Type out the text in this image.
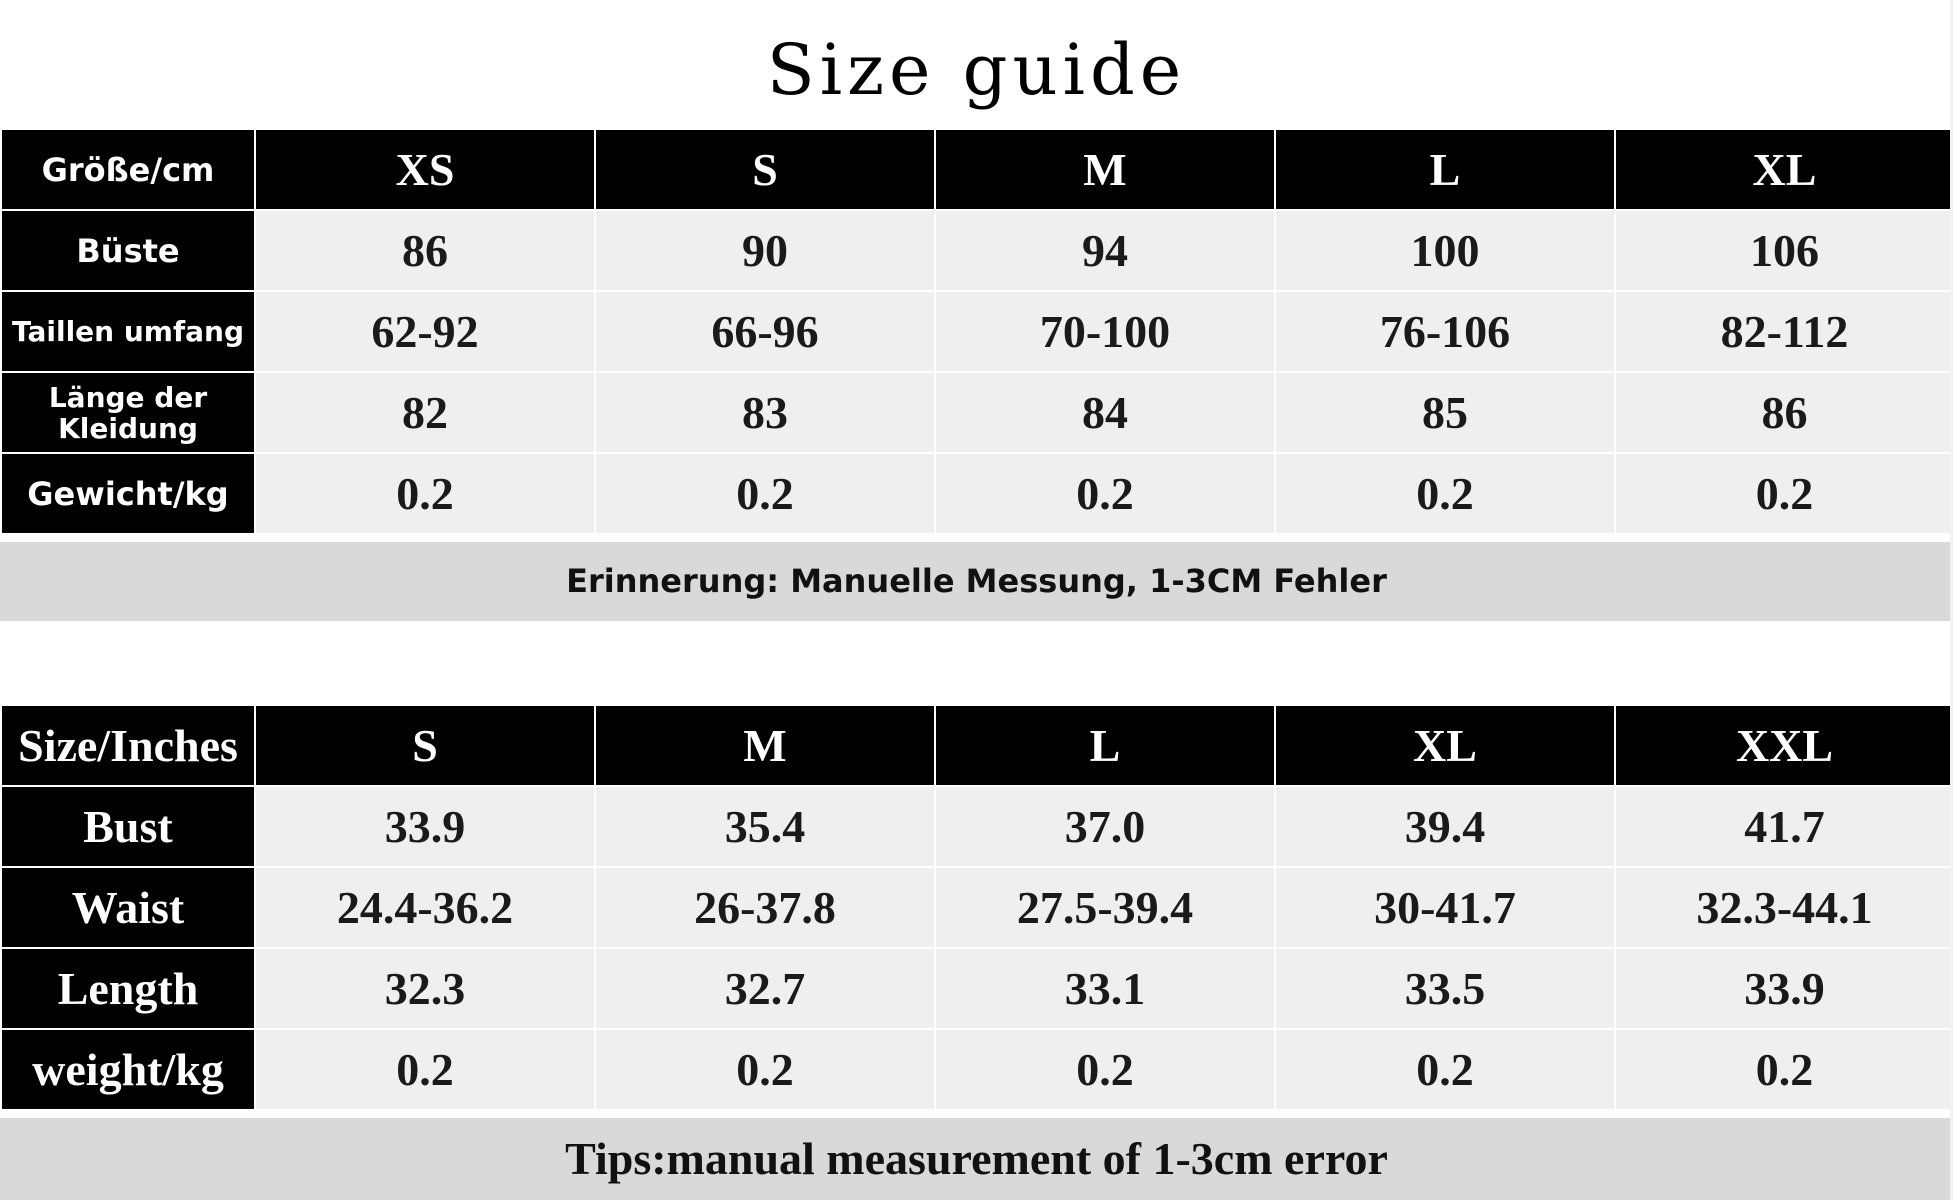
Size guide
Größe/cm	XS	S	M	L	XL
Büste	86	90	94	100	106
Taillen umfang	62-92	66-96	70-100	76-106	82-112
Länge der Kleidung	82	83	84	85	86
Gewicht/kg	0.2	0.2	0.2	0.2	0.2
Erinnerung: Manuelle Messung, 1-3CM Fehler
Size/Inches	S	M	L	XL	XXL
Bust	33.9	35.4	37.0	39.4	41.7
Waist	24.4-36.2	26-37.8	27.5-39.4	30-41.7	32.3-44.1
Length	32.3	32.7	33.1	33.5	33.9
weight/kg	0.2	0.2	0.2	0.2	0.2
Tips:manual measurement of 1-3cm error
